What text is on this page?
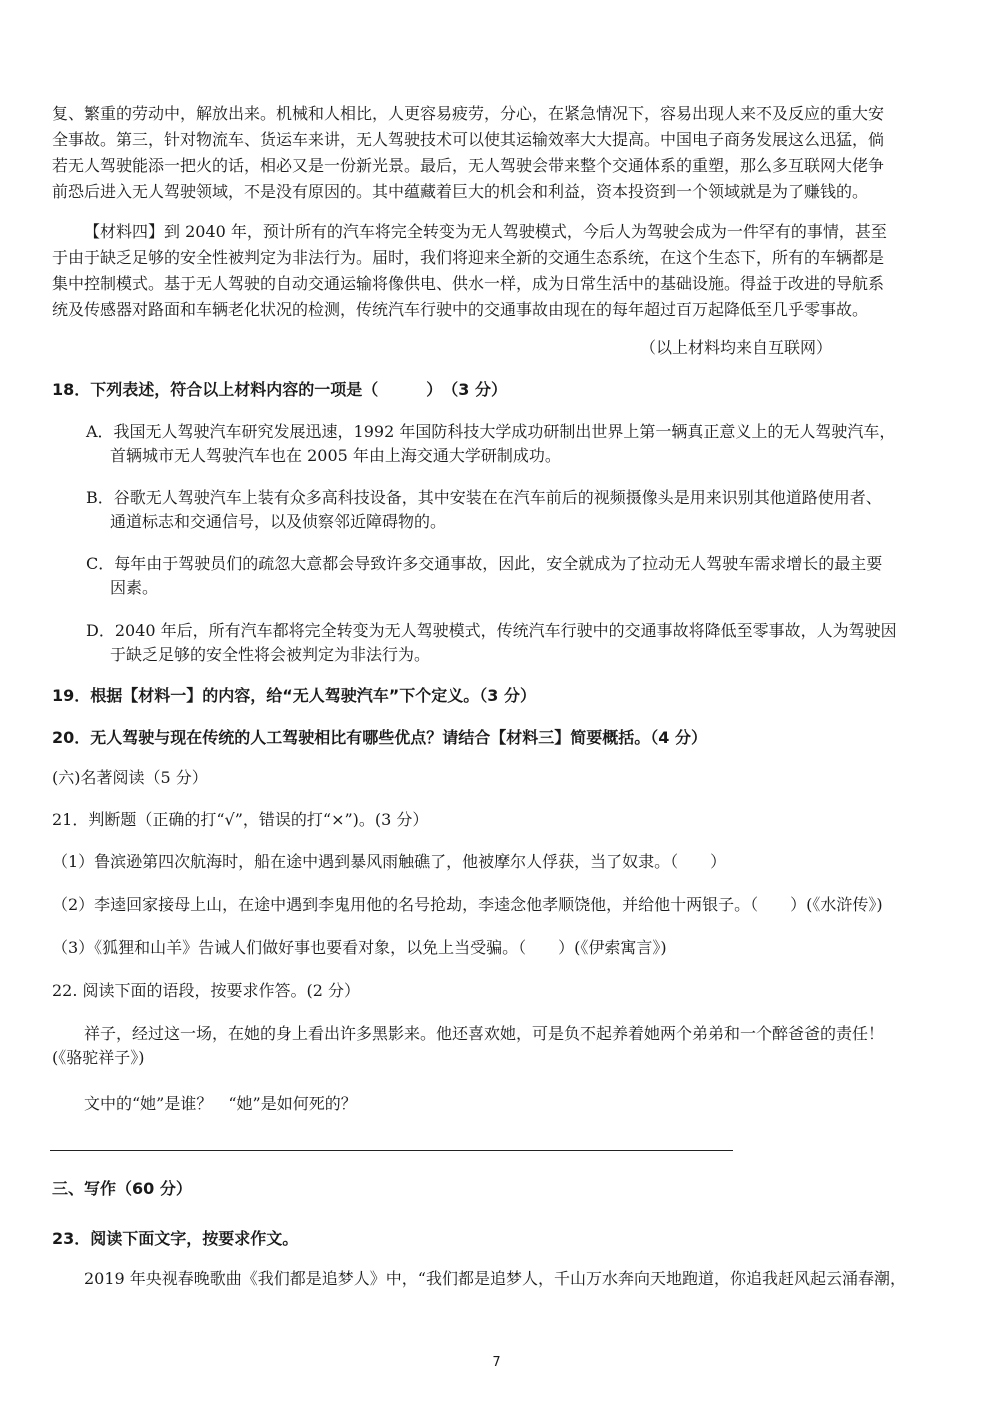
复、繁重的劳动中，解放出来。机械和人相比，人更容易疲劳，分心，在紧急情况下，容易出现人来不及反应的重大安
全事故。第三，针对物流车、货运车来讲，无人驾驶技术可以使其运输效率大大提高。中国电子商务发展这么迅猛，倘
若无人驾驶能添一把火的话，相必又是一份新光景。最后，无人驾驶会带来整个交通体系的重塑，那么多互联网大佬争
前恐后进入无人驾驶领域，不是没有原因的。其中蕴藏着巨大的机会和利益，资本投资到一个领域就是为了赚钱的。
【材料四】到 2040 年，预计所有的汽车将完全转变为无人驾驶模式，今后人为驾驶会成为一件罕有的事情，甚至
于由于缺乏足够的安全性被判定为非法行为。届时，我们将迎来全新的交通生态系统，在这个生态下，所有的车辆都是
集中控制模式。基于无人驾驶的自动交通运输将像供电、供水一样，成为日常生活中的基础设施。得益于改进的导航系
统及传感器对路面和车辆老化状况的检测，传统汽车行驶中的交通事故由现在的每年超过百万起降低至几乎零事故。
（以上材料均来自互联网）
18．下列表述，符合以上材料内容的一项是（　　　）　（3 分）
A．我国无人驾驶汽车研究发展迅速，1992 年国防科技大学成功研制出世界上第一辆真正意义上的无人驾驶汽车，
首辆城市无人驾驶汽车也在 2005 年由上海交通大学研制成功。
B．谷歌无人驾驶汽车上装有众多高科技设备，其中安装在在汽车前后的视频摄像头是用来识别其他道路使用者、
通道标志和交通信号，以及侦察邻近障碍物的。
C．每年由于驾驶员们的疏忽大意都会导致许多交通事故，因此，安全就成为了拉动无人驾驶车需求增长的最主要
因素。
D．2040 年后，所有汽车都将完全转变为无人驾驶模式，传统汽车行驶中的交通事故将降低至零事故，人为驾驶因
于缺乏足够的安全性将会被判定为非法行为。
19．根据【材料一】的内容，给“无人驾驶汽车”下个定义。（3 分）
20．无人驾驶与现在传统的人工驾驶相比有哪些优点？请结合【材料三】简要概括。（4 分）
(六)名著阅读（5 分）
21．判断题（正确的打“√”，错误的打“×”)。(3 分）
（1）鲁滨逊第四次航海时，船在途中遇到暴风雨触礁了，他被摩尔人俘获，当了奴隶。（　　）
（2）李逵回家接母上山，在途中遇到李鬼用他的名号抢劫，李逵念他孝顺饶他，并给他十两银子。（　　）(《水浒传》)
（3）《狐狸和山羊》告诫人们做好事也要看对象，以免上当受骗。（　　）(《伊索寓言》)
22. 阅读下面的语段，按要求作答。(2 分）
祥子，经过这一场，在她的身上看出许多黑影来。他还喜欢她，可是负不起养着她两个弟弟和一个醉爸爸的责任！
(《骆驼祥子》)
文中的“她”是谁？　“她”是如何死的？
三、写作（60 分）
23．阅读下面文字，按要求作文。
2019 年央视春晚歌曲《我们都是追梦人》中，“我们都是追梦人，千山万水奔向天地跑道，你追我赶风起云涌春潮，
7
